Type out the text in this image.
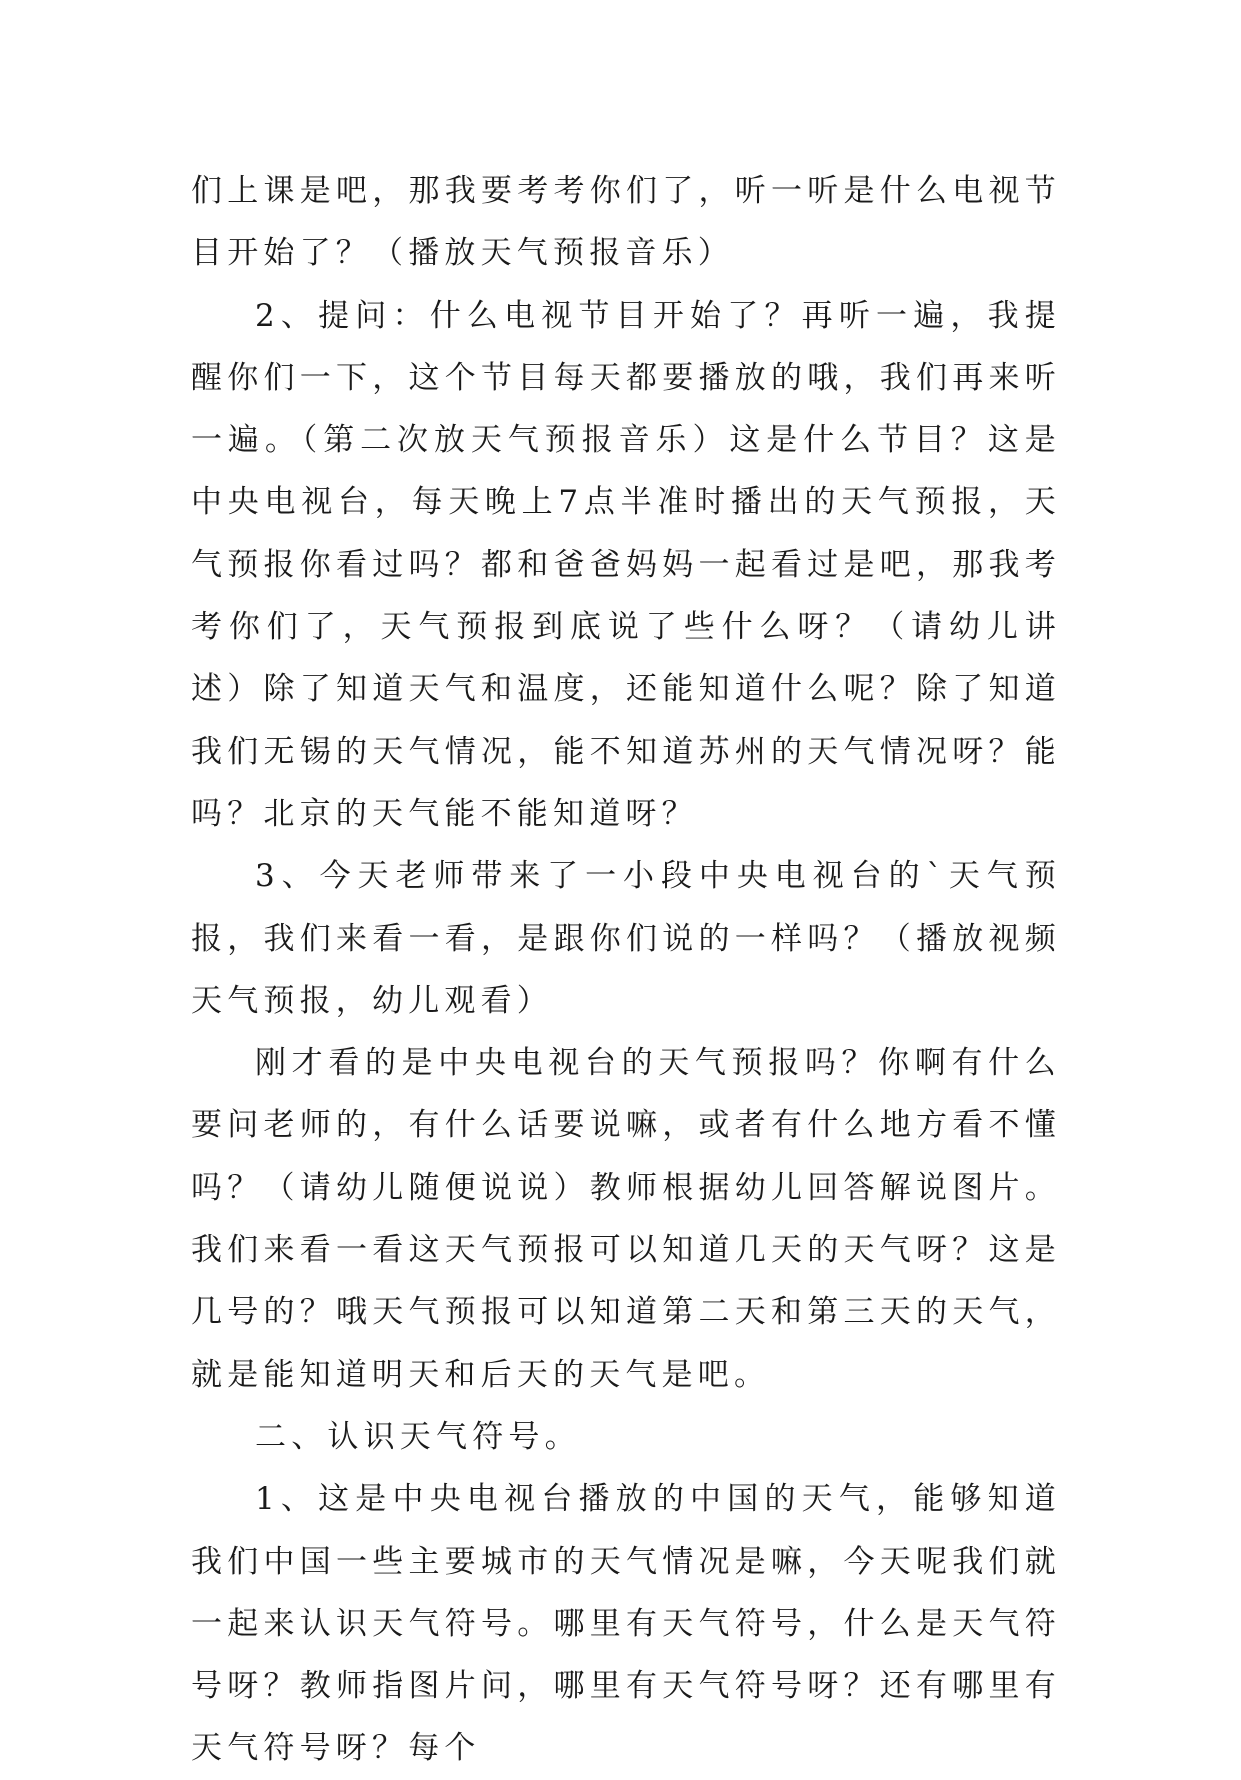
们上课是吧，那我要考考你们了，听一听是什么电视节目开始了？（播放天气预报音乐）

2、提问：什么电视节目开始了？再听一遍，我提醒你们一下，这个节目每天都要播放的哦，我们再来听一遍。（第二次放天气预报音乐）这是什么节目？这是中央电视台，每天晚上7点半准时播出的天气预报，天气预报你看过吗？都和爸爸妈妈一起看过是吧，那我考考你们了，天气预报到底说了些什么呀？（请幼儿讲述）除了知道天气和温度，还能知道什么呢？除了知道我们无锡的天气情况，能不知道苏州的天气情况呀？能吗？北京的天气能不能知道呀？

3、今天老师带来了一小段中央电视台的`天气预报，我们来看一看，是跟你们说的一样吗？（播放视频天气预报，幼儿观看）

刚才看的是中央电视台的天气预报吗？你啊有什么要问老师的，有什么话要说嘛，或者有什么地方看不懂吗？（请幼儿随便说说）教师根据幼儿回答解说图片。我们来看一看这天气预报可以知道几天的天气呀？这是几号的？哦天气预报可以知道第二天和第三天的天气，就是能知道明天和后天的天气是吧。

二、认识天气符号。

1、这是中央电视台播放的中国的天气，能够知道我们中国一些主要城市的天气情况是嘛，今天呢我们就一起来认识天气符号。哪里有天气符号，什么是天气符号呀？教师指图片问，哪里有天气符号呀？还有哪里有天气符号呀？每个
